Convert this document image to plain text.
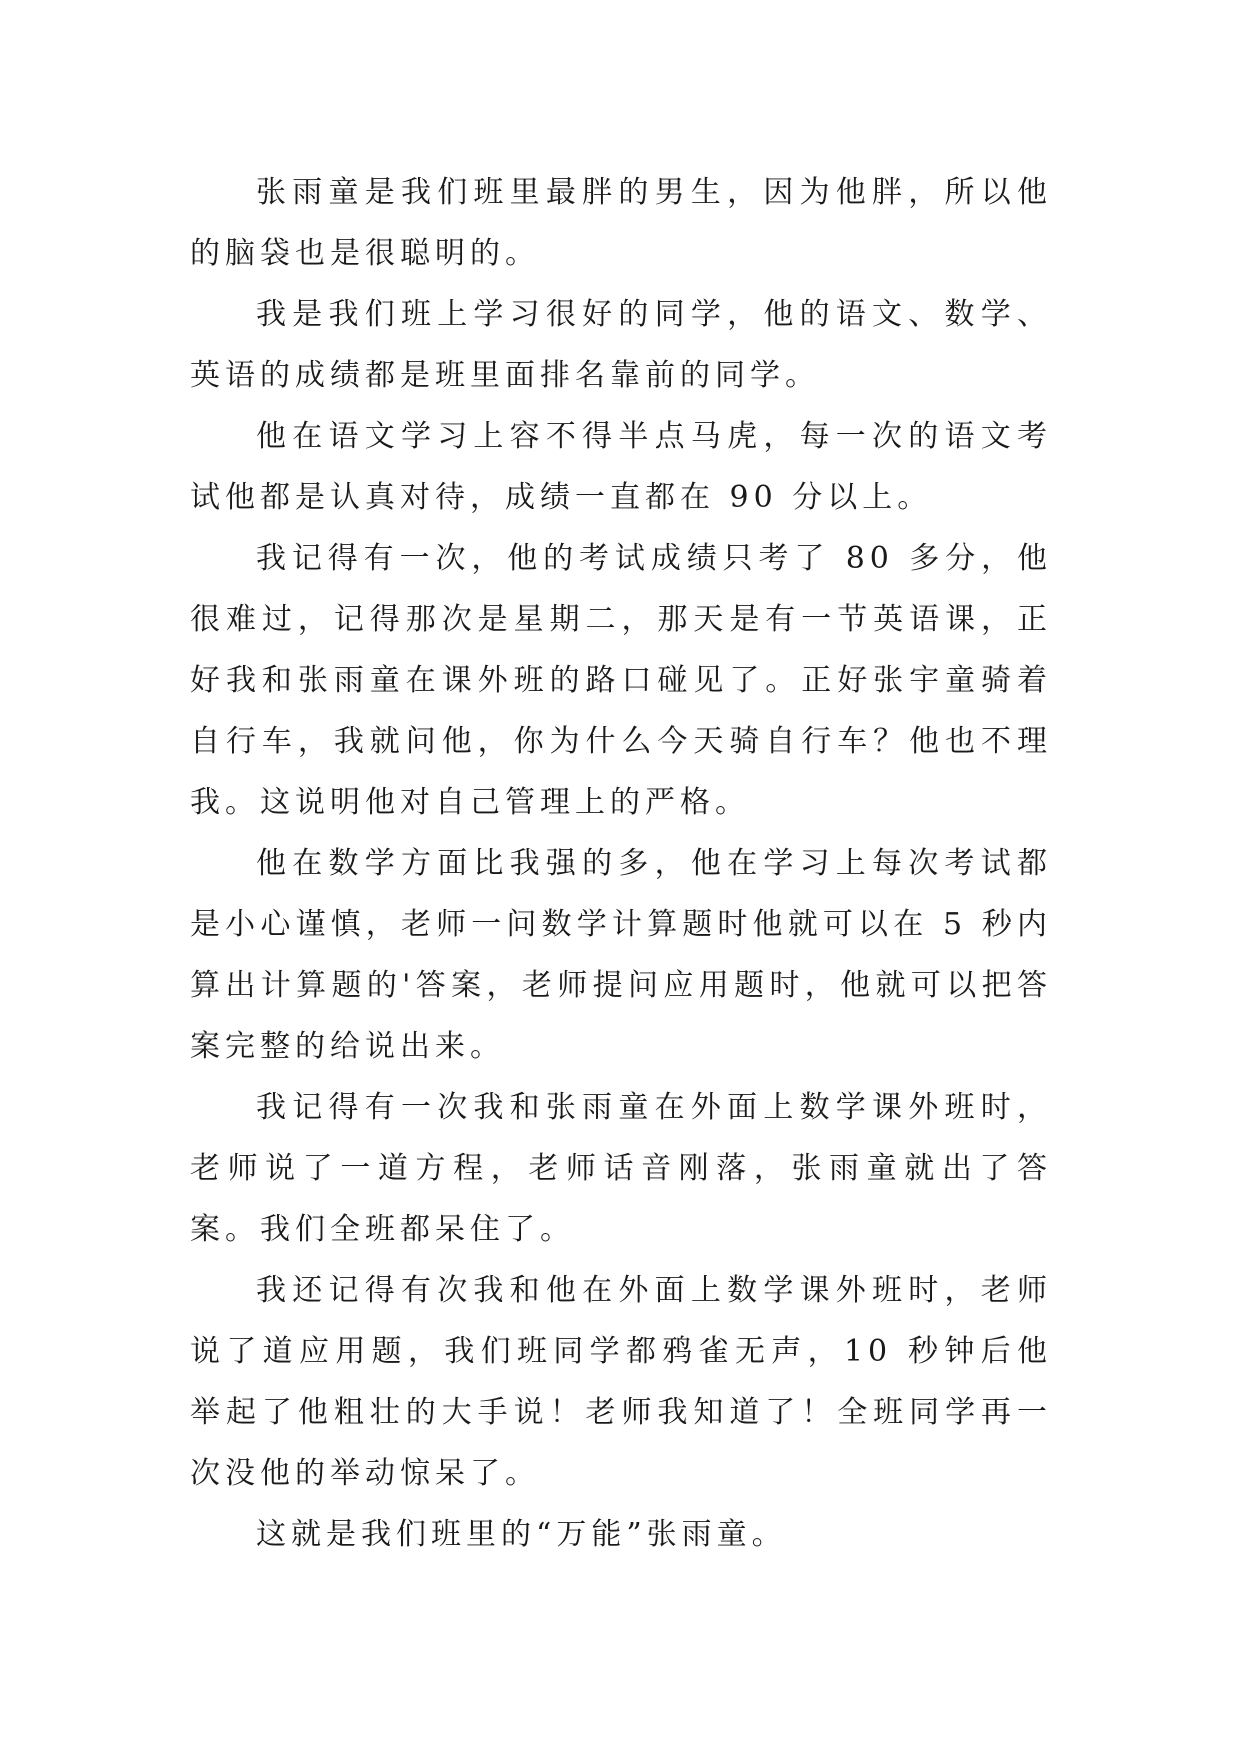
张雨童是我们班里最胖的男生，因为他胖，所以他的脑袋也是很聪明的。

我是我们班上学习很好的同学，他的语文、数学、英语的成绩都是班里面排名靠前的同学。

他在语文学习上容不得半点马虎，每一次的语文考试他都是认真对待，成绩一直都在 90 分以上。

我记得有一次，他的考试成绩只考了 80 多分，他很难过，记得那次是星期二，那天是有一节英语课，正好我和张雨童在课外班的路口碰见了。正好张宇童骑着自行车，我就问他，你为什么今天骑自行车？他也不理我。这说明他对自己管理上的严格。

他在数学方面比我强的多，他在学习上每次考试都是小心谨慎，老师一问数学计算题时他就可以在 5 秒内算出计算题的'答案，老师提问应用题时，他就可以把答案完整的给说出来。

我记得有一次我和张雨童在外面上数学课外班时，老师说了一道方程，老师话音刚落，张雨童就出了答案。我们全班都呆住了。

我还记得有次我和他在外面上数学课外班时，老师说了道应用题，我们班同学都鸦雀无声，10 秒钟后他举起了他粗壮的大手说！老师我知道了！全班同学再一次没他的举动惊呆了。

这就是我们班里的“万能”张雨童。
